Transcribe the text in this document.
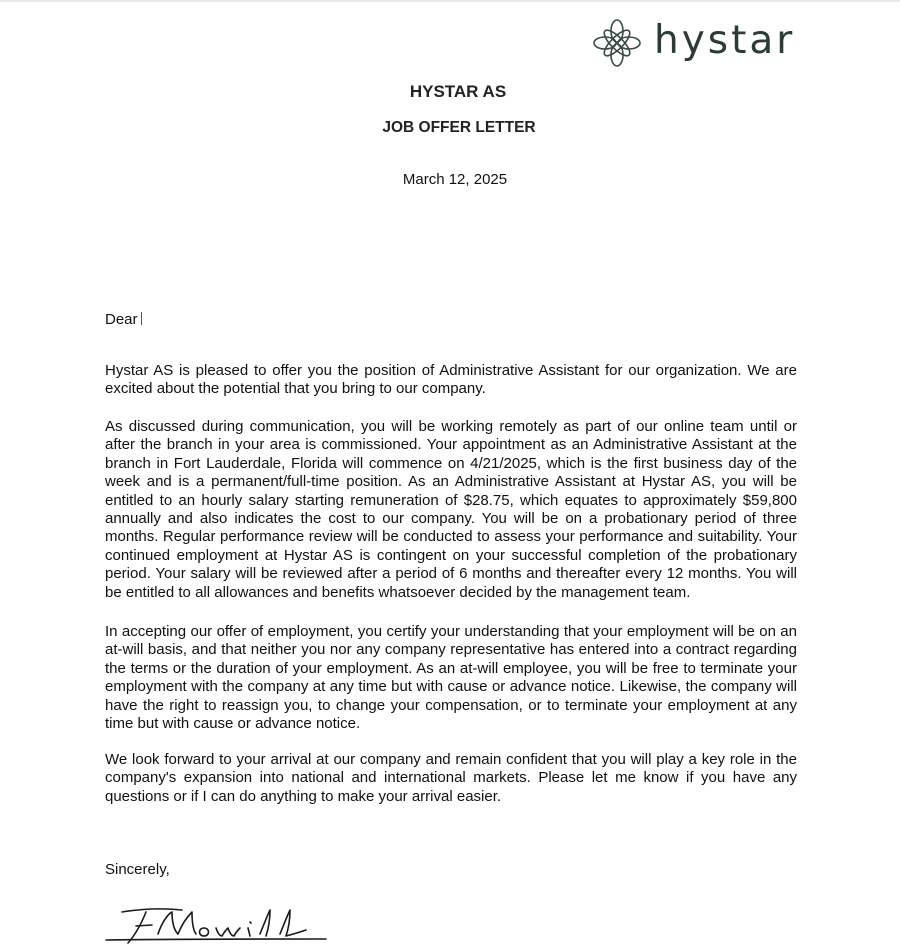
hystar
HYSTAR AS
JOB OFFER LETTER
March 12, 2025
Dear

Hystar AS is pleased to offer you the position of Administrative Assistant for our organization. We are excited about the potential that you bring to our company.

As discussed during communication, you will be working remotely as part of our online team until or after the branch in your area is commissioned. Your appointment as an Administrative Assistant at the branch in Fort Lauderdale, Florida will commence on 4/21/2025, which is the first business day of the week and is a permanent/full-time position. As an Administrative Assistant at Hystar AS, you will be entitled to an hourly salary starting remuneration of $28.75, which equates to approximately $59,800 annually and also indicates the cost to our company. You will be on a probationary period of three months. Regular performance review will be conducted to assess your performance and suitability. Your continued employment at Hystar AS is contingent on your successful completion of the probationary period. Your salary will be reviewed after a period of 6 months and thereafter every 12 months. You will be entitled to all allowances and benefits whatsoever decided by the management team.

In accepting our offer of employment, you certify your understanding that your employment will be on an at-will basis, and that neither you nor any company representative has entered into a contract regarding the terms or the duration of your employment. As an at-will employee, you will be free to terminate your employment with the company at any time but with cause or advance notice. Likewise, the company will have the right to reassign you, to change your compensation, or to terminate your employment at any time but with cause or advance notice.

We look forward to your arrival at our company and remain confident that you will play a key role in the company's expansion into national and international markets. Please let me know if you have any questions or if I can do anything to make your arrival easier.

Sincerely,
